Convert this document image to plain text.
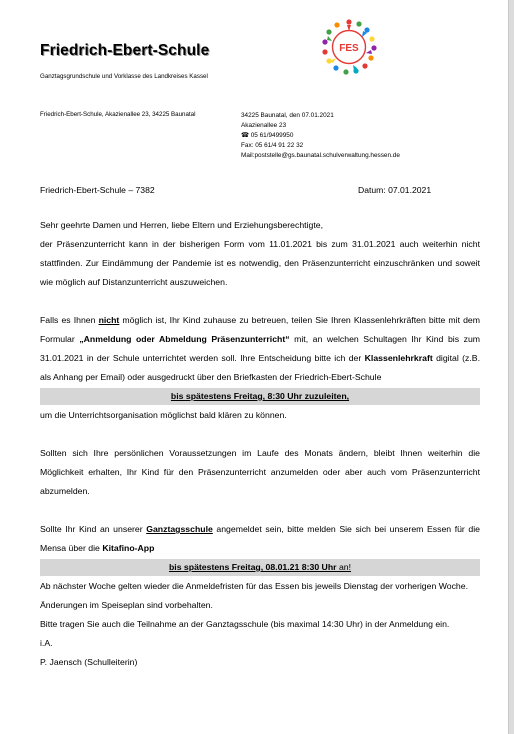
Friedrich-Ebert-Schule
Ganztagsgrundschule und Vorklasse des Landkreises Kassel
FES
Friedrich-Ebert-Schule, Akazienallee 23, 34225 Baunatal	34225 Baunatal, den 07.01.2021
Akazienallee 23
☎ 05 61/9499950
Fax: 05 61/4 91 22 32
Mail:poststelle@gs.baunatal.schulverwaltung.hessen.de
Friedrich-Ebert-Schule – 7382	Datum: 07.01.2021

Sehr geehrte Damen und Herren, liebe Eltern und Erziehungsberechtigte,

der Präsenzunterricht kann in der bisherigen Form vom 11.01.2021 bis zum 31.01.2021 auch weiterhin nicht stattfinden. Zur Eindämmung der Pandemie ist es notwendig, den Präsenzunterricht einzuschränken und soweit wie möglich auf Distanzunterricht auszuweichen.

Falls es Ihnen nicht möglich ist, Ihr Kind zuhause zu betreuen, teilen Sie Ihren Klassenlehrkräften bitte mit dem Formular „Anmeldung oder Abmeldung Präsenzunterricht“ mit, an welchen Schultagen Ihr Kind bis zum 31.01.2021 in der Schule unterrichtet werden soll. Ihre Entscheidung bitte ich der Klassenlehrkraft digital (z.B. als Anhang per Email) oder ausgedruckt über den Briefkasten der Friedrich-Ebert-Schule

bis spätestens Freitag, 8:30 Uhr zuzuleiten,

um die Unterrichtsorganisation möglichst bald klären zu können.

Sollten sich Ihre persönlichen Voraussetzungen im Laufe des Monats ändern, bleibt Ihnen weiterhin die Möglichkeit erhalten, Ihr Kind für den Präsenzunterricht anzumelden oder aber auch vom Präsenzunterricht abzumelden.

Sollte Ihr Kind an unserer Ganztagsschule angemeldet sein, bitte melden Sie sich bei unserem Essen für die Mensa über die Kitafino-App

bis spätestens Freitag, 08.01.21 8:30 Uhr an!

Ab nächster Woche gelten wieder die Anmeldefristen für das Essen bis jeweils Dienstag der vorherigen Woche. Änderungen im Speiseplan sind vorbehalten.

Bitte tragen Sie auch die Teilnahme an der Ganztagsschule (bis maximal 14:30 Uhr) in der Anmeldung ein.

i.A.

P. Jaensch (Schulleiterin)
